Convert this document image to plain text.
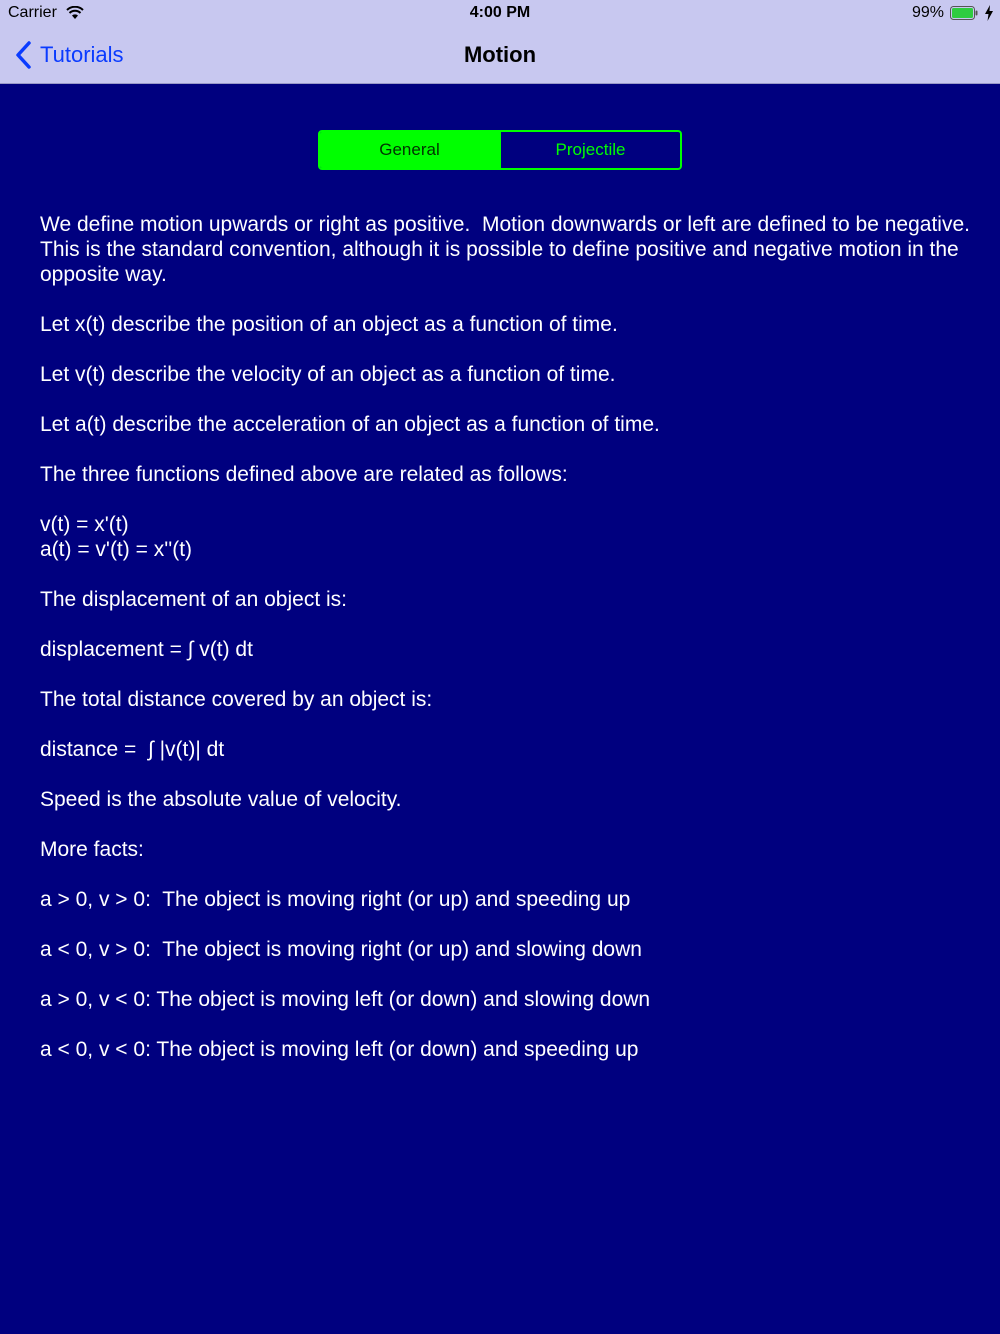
Carrier	4:00 PM	99%
Tutorials	Motion
General	Projectile

We define motion upwards or right as positive.  Motion downwards or left are defined to be negative.  This is the standard convention, although it is possible to define positive and negative motion in the opposite way.

Let x(t) describe the position of an object as a function of time.

Let v(t) describe the velocity of an object as a function of time.

Let a(t) describe the acceleration of an object as a function of time.

The three functions defined above are related as follows:

v(t) = x'(t)
a(t) = v'(t) = x''(t)

The displacement of an object is:

displacement = ∫ v(t) dt

The total distance covered by an object is:

distance =  ∫ |v(t)| dt

Speed is the absolute value of velocity.

More facts:

a > 0, v > 0:  The object is moving right (or up) and speeding up

a < 0, v > 0:  The object is moving right (or up) and slowing down

a > 0, v < 0: The object is moving left (or down) and slowing down

a < 0, v < 0: The object is moving left (or down) and speeding up
